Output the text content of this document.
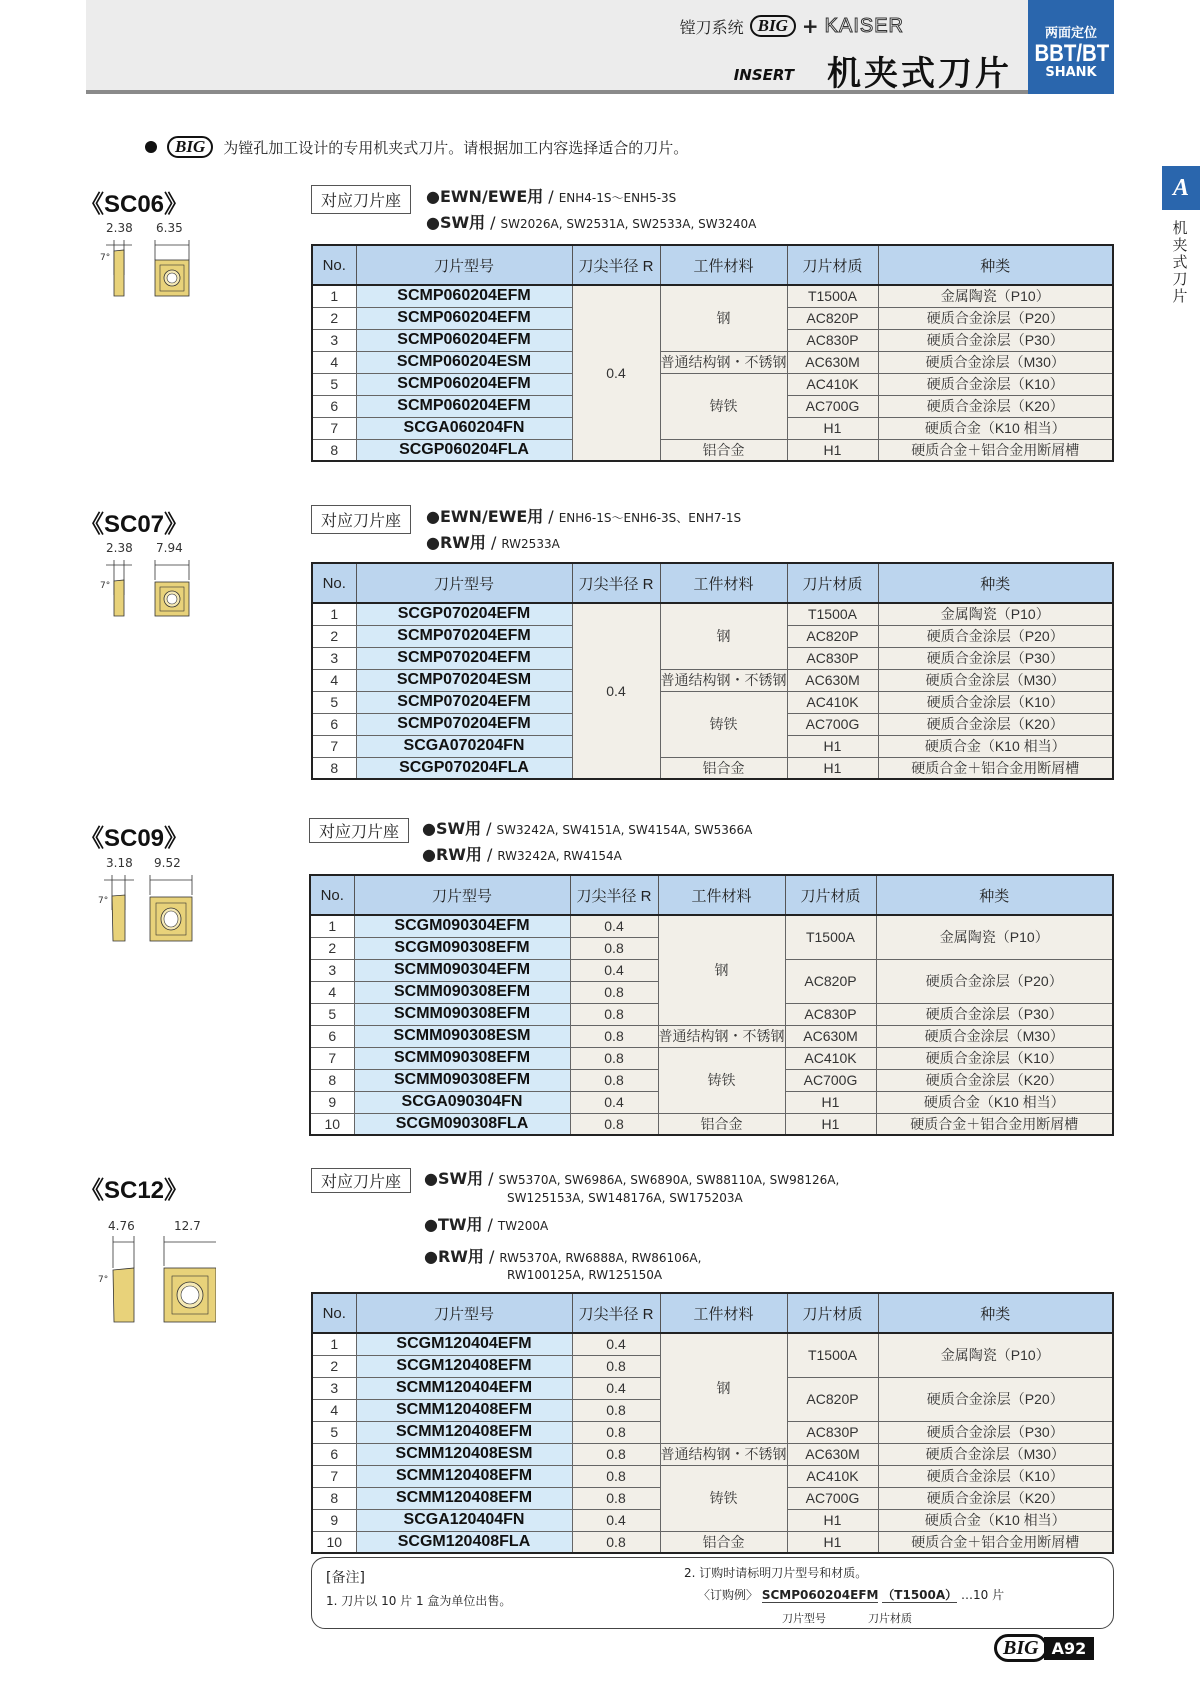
镗刀系统 BIG + KAISER
INSERT 机夹式刀片
两面定位
BBT/BT
SHANK
BIG	为镗孔加工设计的专用机夹式刀片。请根据加工内容选择适合的刀片。
A
机夹式刀片
《SC06》
2.38 6.35
7°
对应刀片座	●EWN/EWE用 / ENH4-1S〜ENH5-3S
●SW用 / SW2026A, SW2531A, SW2533A, SW3240A
No.	刀片型号	刀尖半径 R	工件材料	刀片材质	种类
1	SCMP060204EFM	0.4	钢	T1500A	金属陶瓷（P10）
2	SCMP060204EFM			AC820P	硬质合金涂层（P20）
3	SCMP060204EFM			AC830P	硬质合金涂层（P30）
4	SCMP060204ESM		普通结构钢・不锈钢	AC630M	硬质合金涂层（M30）
5	SCMP060204EFM		铸铁	AC410K	硬质合金涂层（K10）
6	SCMP060204EFM			AC700G	硬质合金涂层（K20）
7	SCGA060204FN			H1	硬质合金（K10 相当）
8	SCGP060204FLA		铝合金	H1	硬质合金＋铝合金用断屑槽
《SC07》
2.38 7.94
7°
对应刀片座	●EWN/EWE用 / ENH6-1S〜ENH6-3S、ENH7-1S
●RW用 / RW2533A
No.	刀片型号	刀尖半径 R	工件材料	刀片材质	种类
1	SCGP070204EFM	0.4	钢	T1500A	金属陶瓷（P10）
2	SCMP070204EFM			AC820P	硬质合金涂层（P20）
3	SCMP070204EFM			AC830P	硬质合金涂层（P30）
4	SCMP070204ESM		普通结构钢・不锈钢	AC630M	硬质合金涂层（M30）
5	SCMP070204EFM		铸铁	AC410K	硬质合金涂层（K10）
6	SCMP070204EFM			AC700G	硬质合金涂层（K20）
7	SCGA070204FN			H1	硬质合金（K10 相当）
8	SCGP070204FLA		铝合金	H1	硬质合金＋铝合金用断屑槽
《SC09》
3.18 9.52
7°
对应刀片座	●SW用 / SW3242A, SW4151A, SW4154A, SW5366A
●RW用 / RW3242A, RW4154A
No.	刀片型号	刀尖半径 R	工件材料	刀片材质	种类
1	SCGM090304EFM	0.4	钢	T1500A	金属陶瓷（P10）
2	SCGM090308EFM	0.8			
3	SCMM090304EFM	0.4		AC820P	硬质合金涂层（P20）
4	SCMM090308EFM	0.8			
5	SCMM090308EFM	0.8		AC830P	硬质合金涂层（P30）
6	SCMM090308ESM	0.8	普通结构钢・不锈钢	AC630M	硬质合金涂层（M30）
7	SCMM090308EFM	0.8	铸铁	AC410K	硬质合金涂层（K10）
8	SCMM090308EFM	0.8		AC700G	硬质合金涂层（K20）
9	SCGA090304FN	0.4		H1	硬质合金（K10 相当）
10	SCGM090308FLA	0.8	铝合金	H1	硬质合金＋铝合金用断屑槽
《SC12》
4.76	12.7
7°
对应刀片座	●SW用 / SW5370A, SW6986A, SW6890A, SW88110A, SW98126A,
SW125153A, SW148176A, SW175203A
●TW用 / TW200A
●RW用 / RW5370A, RW6888A, RW86106A,
RW100125A, RW125150A
No.	刀片型号	刀尖半径 R	工件材料	刀片材质	种类
1	SCGM120404EFM	0.4	钢	T1500A	金属陶瓷（P10）
2	SCGM120408EFM	0.8			
3	SCMM120404EFM	0.4		AC820P	硬质合金涂层（P20）
4	SCMM120408EFM	0.8			
5	SCMM120408EFM	0.8		AC830P	硬质合金涂层（P30）
6	SCMM120408ESM	0.8	普通结构钢・不锈钢	AC630M	硬质合金涂层（M30）
7	SCMM120408EFM	0.8	铸铁	AC410K	硬质合金涂层（K10）
8	SCMM120408EFM	0.8		AC700G	硬质合金涂层（K20）
9	SCGA120404FN	0.4		H1	硬质合金（K10 相当）
10	SCGM120408FLA	0.8	铝合金	H1	硬质合金＋铝合金用断屑槽
[备注]
1. 刀片以 10 片 1 盒为单位出售。
2. 订购时请标明刀片型号和材质。
〈订购例〉 SCMP060204EFM （T1500A） …10 片
刀片型号	刀片材质
BIG A92
